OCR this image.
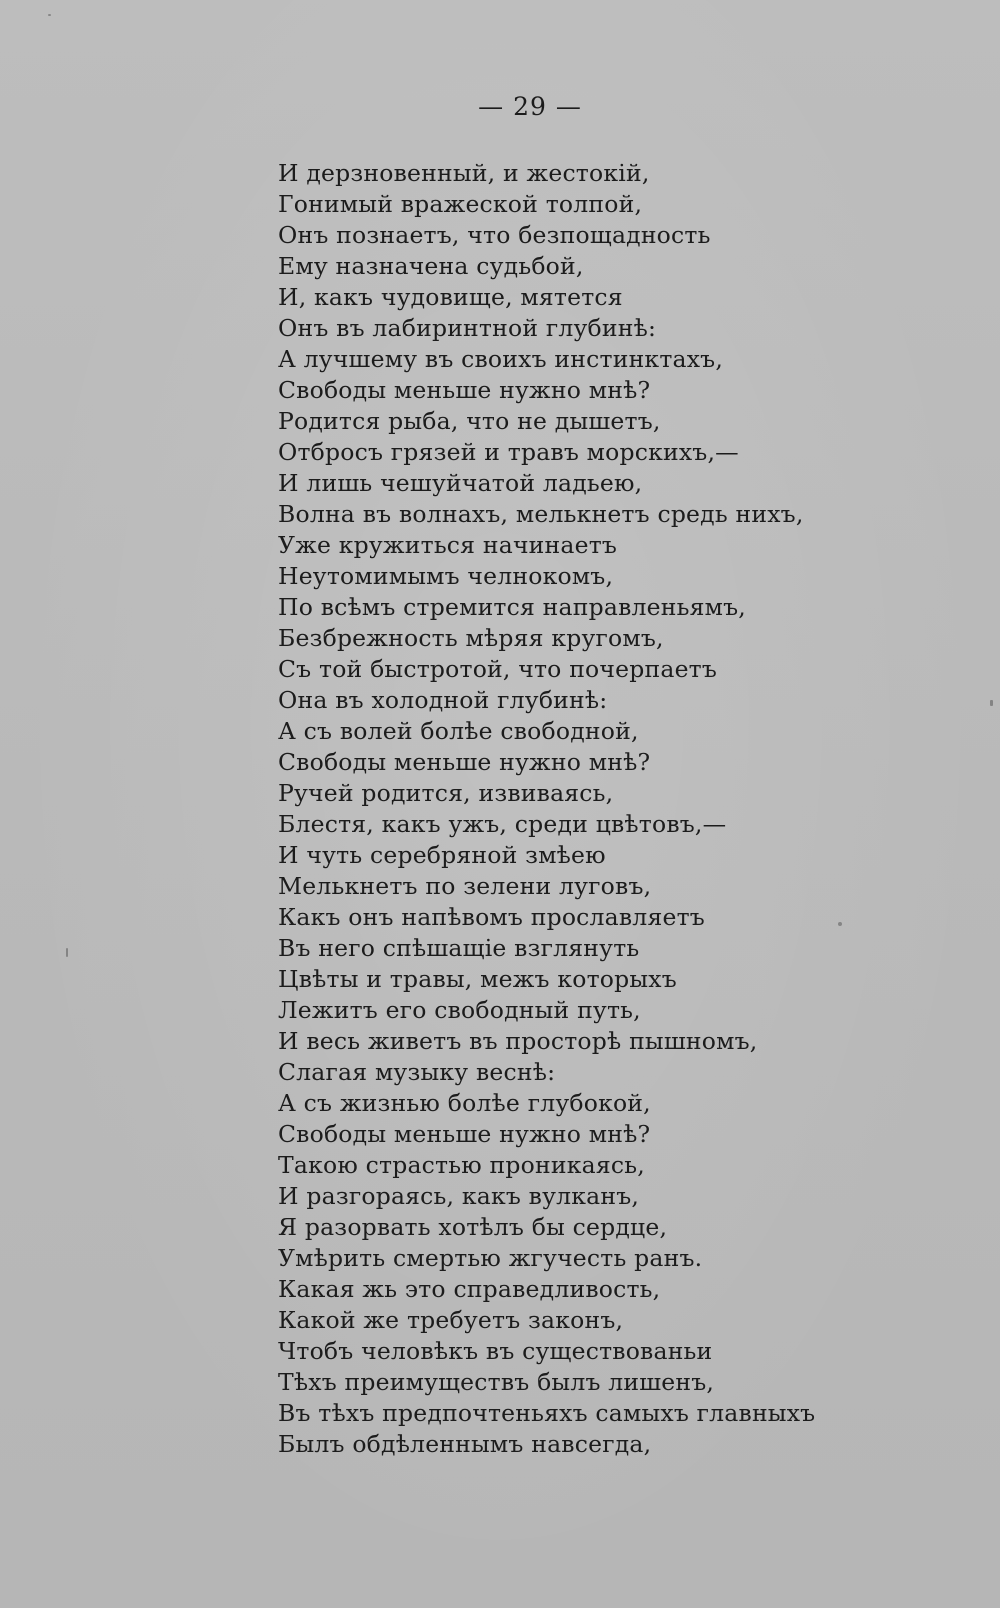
— 29 —
И дерзновенный, и жестокій,
Гонимый вражеской толпой,
Онъ познаетъ, что безпощадность
Ему назначена судьбой,
И, какъ чудовище, мятется
Онъ въ лабиринтной глубинѣ:
А лучшему въ своихъ инстинктахъ,
Свободы меньше нужно мнѣ?
Родится рыба, что не дышетъ,
Отбросъ грязей и травъ морскихъ,—
И лишь чешуйчатой ладьею,
Волна въ волнахъ, мелькнетъ средь нихъ,
Уже кружиться начинаетъ
Неутомимымъ челнокомъ,
По всѣмъ стремится направленьямъ,
Безбрежность мѣряя кругомъ,
Съ той быстротой, что почерпаетъ
Она въ холодной глубинѣ:
А съ волей болѣе свободной,
Свободы меньше нужно мнѣ?
Ручей родится, извиваясь,
Блестя, какъ ужъ, среди цвѣтовъ,—
И чуть серебряной змѣею
Мелькнетъ по зелени луговъ,
Какъ онъ напѣвомъ прославляетъ
Въ него спѣшащіе взглянуть
Цвѣты и травы, межъ которыхъ
Лежитъ его свободный путь,
И весь живетъ въ просторѣ пышномъ,
Слагая музыку веснѣ:
А съ жизнью болѣе глубокой,
Свободы меньше нужно мнѣ?
Такою страстью проникаясь,
И разгораясь, какъ вулканъ,
Я разорвать хотѣлъ бы сердце,
Умѣрить смертью жгучесть ранъ.
Какая жь это справедливость,
Какой же требуетъ законъ,
Чтобъ человѣкъ въ существованьи
Тѣхъ преимуществъ былъ лишенъ,
Въ тѣхъ предпочтеньяхъ самыхъ главныхъ
Былъ обдѣленнымъ навсегда,
